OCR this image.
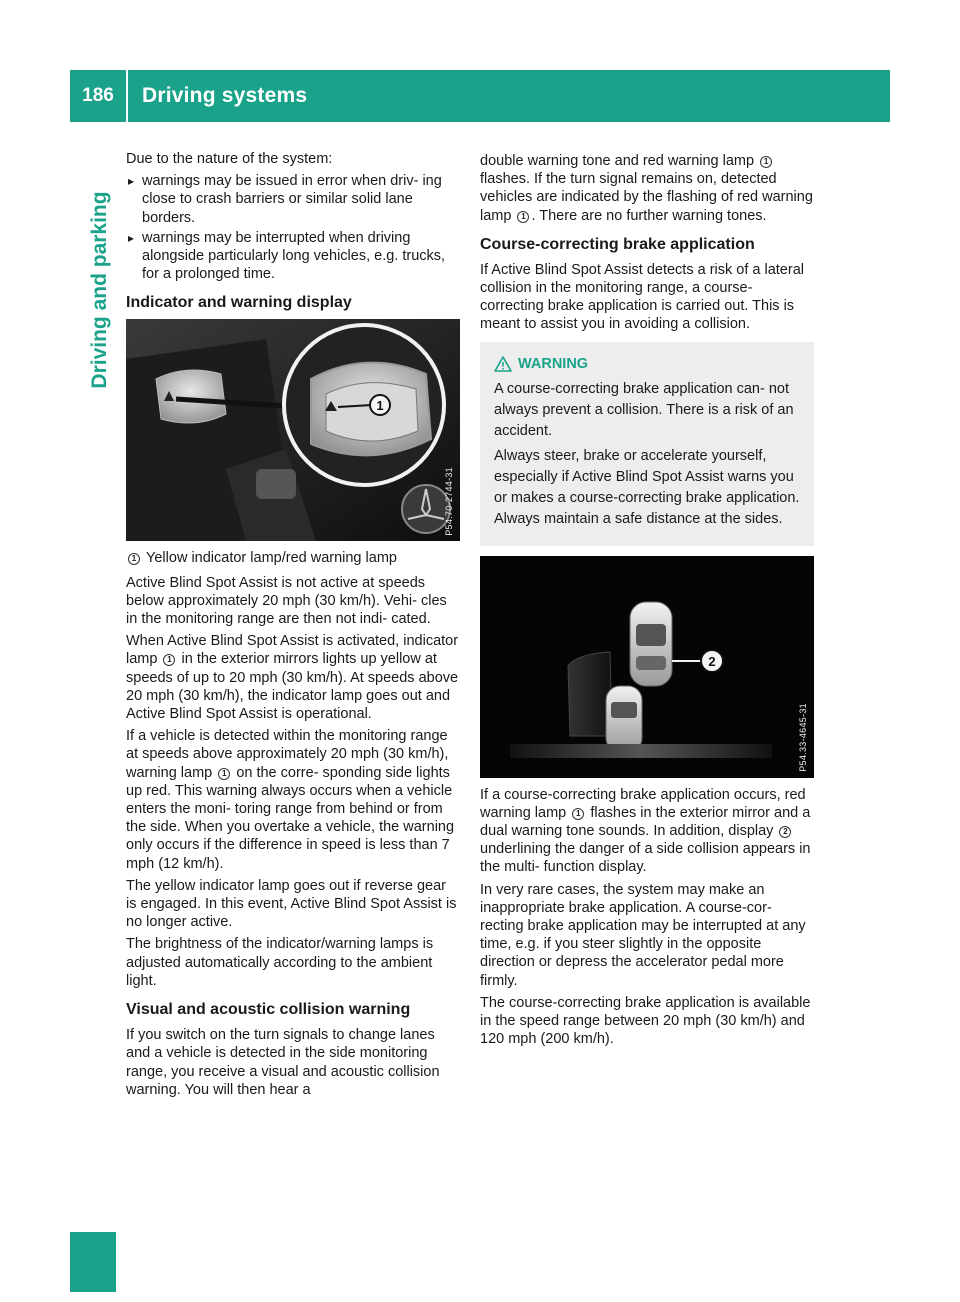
186	Driving systems
Driving and parking

Due to the nature of the system:

▸ warnings may be issued in error when driv- ing close to crash barriers or similar solid lane borders.
▸ warnings may be interrupted when driving alongside particularly long vehicles, e.g. trucks, for a prolonged time.
Indicator and warning display
1
P54.70-2744-31

1 Yellow indicator lamp/red warning lamp

Active Blind Spot Assist is not active at speeds below approximately 20 mph (30 km/h). Vehi- cles in the monitoring range are then not indi- cated.

When Active Blind Spot Assist is activated, indicator lamp 1 in the exterior mirrors lights up yellow at speeds of up to 20 mph (30 km/h). At speeds above 20 mph (30 km/h), the indicator lamp goes out and Active Blind Spot Assist is operational.

If a vehicle is detected within the monitoring range at speeds above approximately 20 mph (30 km/h), warning lamp 1 on the corre- sponding side lights up red. This warning always occurs when a vehicle enters the moni- toring range from behind or from the side. When you overtake a vehicle, the warning only occurs if the difference in speed is less than 7 mph (12 km/h).

The yellow indicator lamp goes out if reverse gear is engaged. In this event, Active Blind Spot Assist is no longer active.

The brightness of the indicator/warning lamps is adjusted automatically according to the ambient light.

Visual and acoustic collision warning

If you switch on the turn signals to change lanes and a vehicle is detected in the side monitoring range, you receive a visual and acoustic collision warning. You will then hear a

double warning tone and red warning lamp 1 flashes. If the turn signal remains on, detected vehicles are indicated by the flashing of red warning lamp 1 . There are no further warning tones.

Course-correcting brake application

If Active Blind Spot Assist detects a risk of a lateral collision in the monitoring range, a course-correcting brake application is carried out. This is meant to assist you in avoiding a collision.

WARNING

A course-correcting brake application can- not always prevent a collision. There is a risk of an accident.

Always steer, brake or accelerate yourself, especially if Active Blind Spot Assist warns you or makes a course-correcting brake application. Always maintain a safe distance at the sides.

2
P54.33-4645-31

If a course-correcting brake application occurs, red warning lamp 1 flashes in the exterior mirror and a dual warning tone sounds. In addition, display 2 underlining the danger of a side collision appears in the multi- function display.

In very rare cases, the system may make an inappropriate brake application. A course-cor- recting brake application may be interrupted at any time, e.g. if you steer slightly in the opposite direction or depress the accelerator pedal more firmly.

The course-correcting brake application is available in the speed range between 20 mph (30 km/h) and 120 mph (200 km/h).
